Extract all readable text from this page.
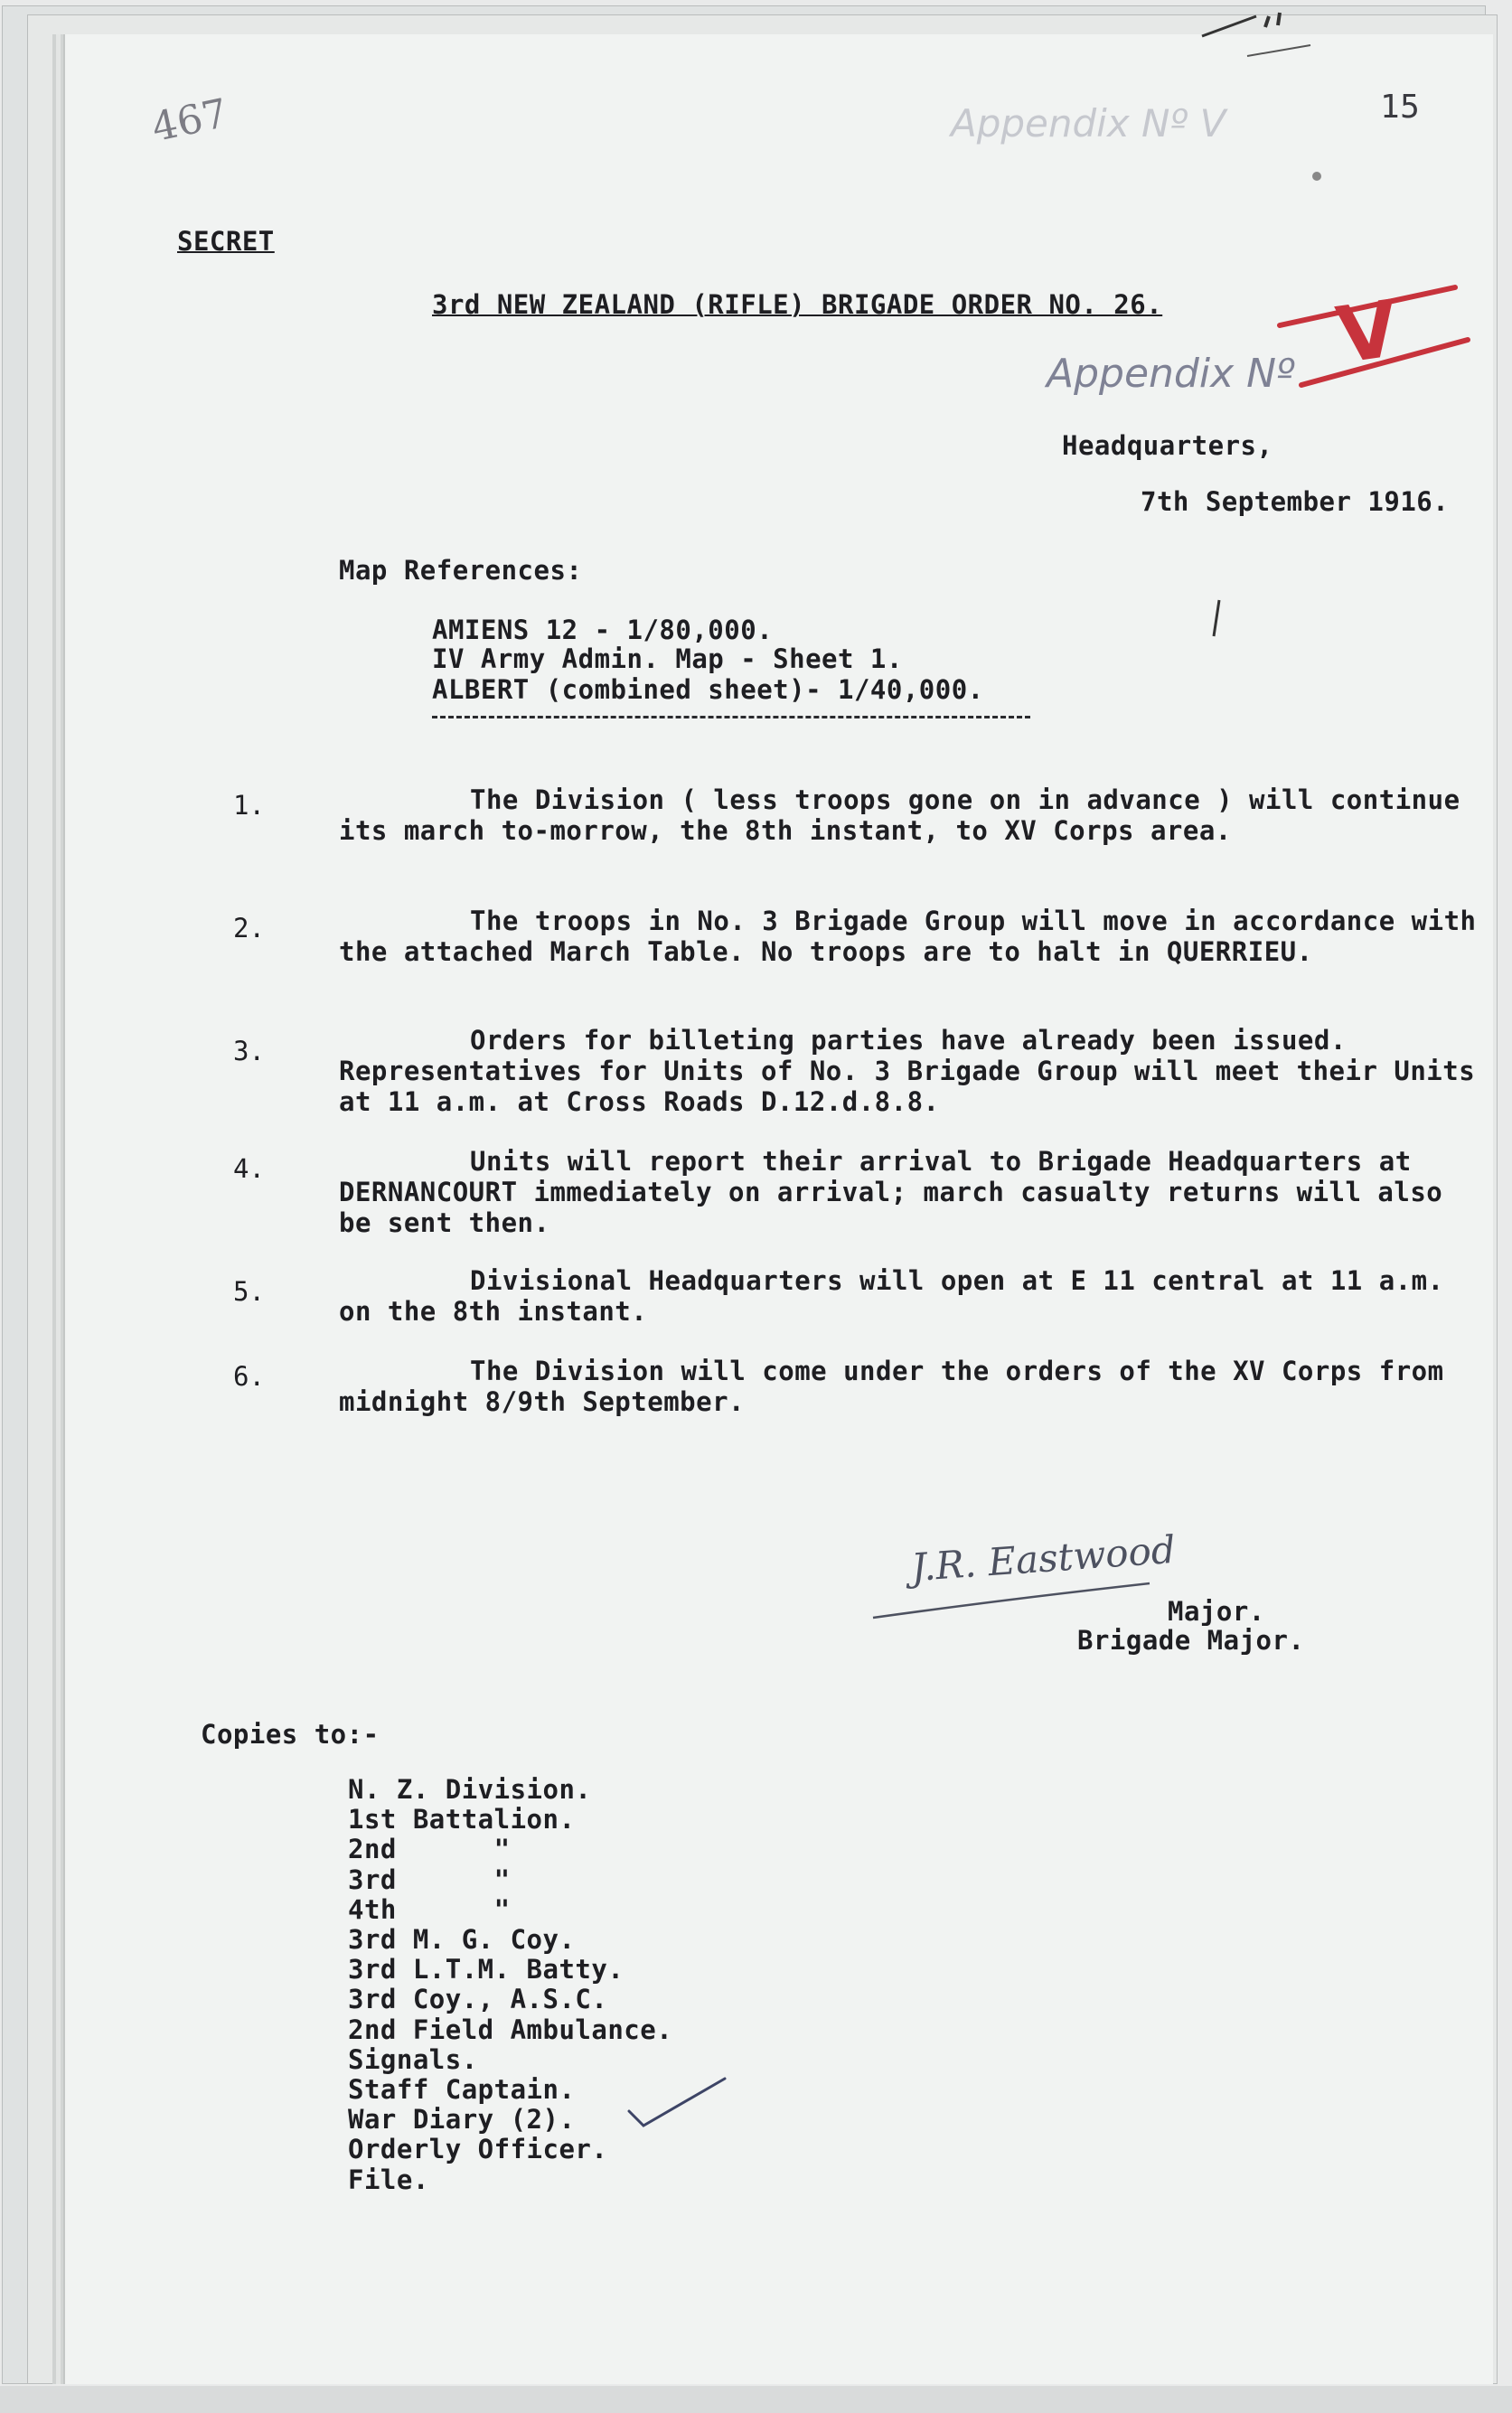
467	15
Appendix Nº V
SECRET
3rd NEW ZEALAND (RIFLE) BRIGADE ORDER NO. 26. V
Appendix Nº
Headquarters,
7th September 1916.
Map References:
AMIENS 12 - 1/80,000.
IV Army Admin. Map - Sheet 1.
ALBERT (combined sheet)- 1/40,000.
1.	The Division ( less troops gone on in advance ) will continue its march to-morrow, the 8th instant, to XV Corps area.
2.	The troops in No. 3 Brigade Group will move in accordance with the attached March Table. No troops are to halt in QUERRIEU.
3.	Orders for billeting parties have already been issued. Representatives for Units of No. 3 Brigade Group will meet their Units at 11 a.m. at Cross Roads D.12.d.8.8.
4.	Units will report their arrival to Brigade Headquarters at DERNANCOURT immediately on arrival; march casualty returns will also be sent then.
5.	Divisional Headquarters will open at E 11 central at 11 a.m. on the 8th instant.
6.	The Division will come under the orders of the XV Corps from midnight 8/9th September.
J.R. Eastwood
Major.
Brigade Major.
Copies to:-
N. Z. Division.
1st Battalion.
2nd      "
3rd      "
4th      "
3rd M. G. Coy.
3rd L.T.M. Batty.
3rd Coy., A.S.C.
2nd Field Ambulance.
Signals.
Staff Captain.
War Diary (2).
Orderly Officer.
File.
